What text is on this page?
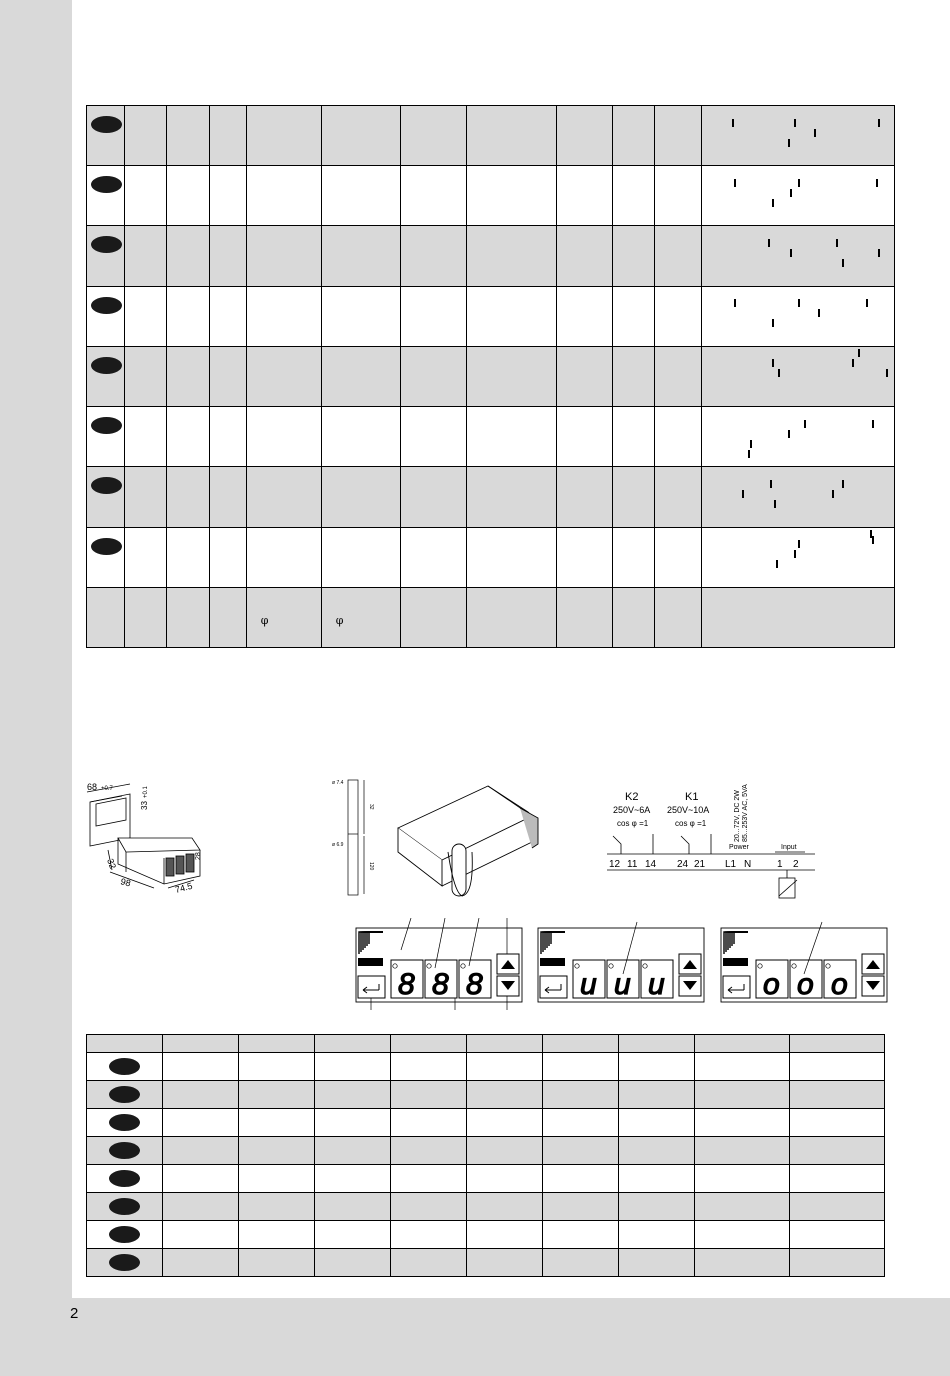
2

				φ	φ						

68 +0.7
33
+0.1
32
98	74.5
28
ø 7.4
ø 6.9
32
120
K2
250V~6A
cos φ =1
K1
250V~10A
cos φ =1	20...72V, DC 2W 85...253V AC, 5VA
Power	Input
12 11 14 24 21 L1 N	1 2
RITTAL
8 8 8
RITTAL
u u u
RITTAL
o o o
